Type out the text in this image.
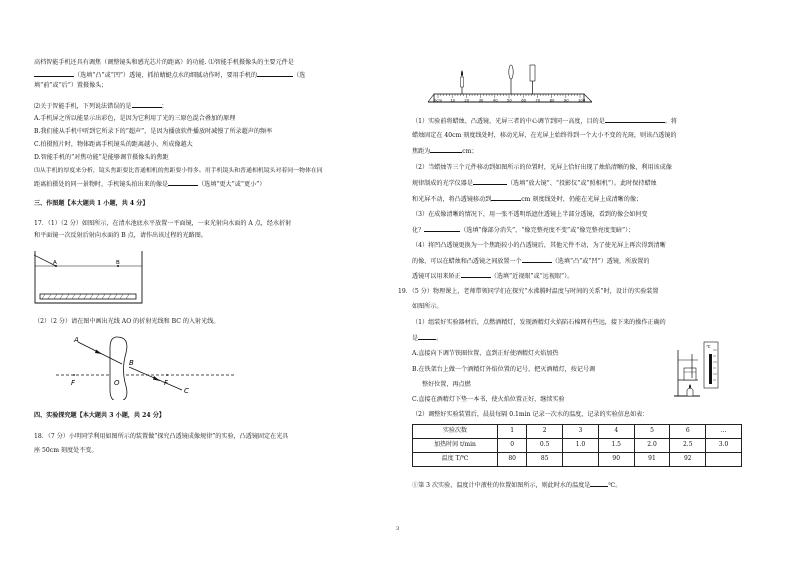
高档智能手机还具有调焦（调整镜头和感光芯片的距离）的功能. ⑴智能手机摄像头的主要元件是
（选填“凸”或“凹”）透镜，抓拍蜻蜓点水的细腻动作时，要用手机的	（选
填“前”或“后”）置摄像头；
⑵关于智能手机，下列说法错误的是	；
A.手机屏之所以能显示出彩色，是因为它利用了光的三原色混合叠加的原理
B.我们能从手机中听到它所录下的“超声”，是因为播放软件播放时减慢了所录超声的频率
C.拍摄照片时，物体距离手机镜头的距离越小，所成像越大
D.智能手机的“对焦功能”是能够调节摄像头的焦距
⑶从手机的厚度来分析，镜头焦距要比普通相机的焦距要小得多。用手机镜头和普通相机镜头对着同一物体在同
距离拍摄处的同一景物时，手机镜头拍出来的像是	（选填“更大”或“更小”）
三、作图题【本大题共 1 小题，共 4 分】
17．（1）（2 分）如图所示，在清水池底水平放置一平面镜，一束光射向水面的 A 点，经水折射
和平面镜一次反射后射向水面的 B 点，请作出该过程的光路图。
A	B
（2）（2 分）请在图中画出光线 AO 的折射光线和 BC 的入射光线。
A
B
O
F	F
C
四、实验探究题【本大题共 3 小题，共 24 分】
18．（7 分）小明同学利用如图所示的装置做“探究凸透镜成像规律”的实验，凸透镜固定在光具
座 50cm 刻度处不变。
0cm 10 20 30 40 50 60 70 80 90 100
（1）实验前将蜡烛、凸透镜、光屏三者的中心调节到同一高度，目的是	。将
蜡烛固定在 40cm 刻度线处时，移动光屏，在光屏上始终得到一个大小不变的光斑，则该凸透镜的
焦距为	cm；
（2）当蜡烛等三个元件移动到如图所示的位置时，光屏上恰好出现了烛焰清晰的像，利用该成像
规律制成的光学仪器是	（选填“放大镜”、“投影仪”或“照相机”）。此时保持蜡烛
和光屏不动，将凸透镜移动到	cm 刻度线处时，仍能在光屏上成清晰的像；
（3）在成像清晰的情况下，用一张不透明纸遮住透镜上半部分透镜，看到的像会如何变
化？	（选填“像部分消失”、“像完整亮度不变”或“像完整亮度变暗”）；
（4）将凹凸透镜更换为一个焦距较小的凸透镜后，其他元件不动，为了使光屏上再次得到清晰
的像，可以在蜡烛和凸透镜之间放置一个	（选填“凸”或“凹”）透镜，所放置的
透镜可以用来矫正	（选填“近视眼”或“远视眼”）。
19．（5 分）物理课上，老师带领同学们在探究“水沸腾时温度与时间的关系”时，设计的实验装置
如图所示。
（1）组装好实验器材后，点燃酒精灯，发现酒精灯火焰陷石棉网有些远，接下来的操作正确的
是	。
A.直接向下调节铁圈位置，直到正好使酒精灯火焰加热
B.在铁架台上做一个酒精灯外焰位置的记号，把灭酒精灯，按记号调
整好位置，再点燃
C.直接在酒精灯下垫一本书，使火焰位置正好，继续实验
℃
（2）调整好实验装置后，晨晨每隔 0.1min 记录一次水的温度，记录的实验信息如表：
实验次数	1	2	3	4	5	6	…
加热时间 t/min	0	0.5	1.0	1.5	2.0	2.5	3.0
温度 T/℃	80	85		90	91	92	
①第 3 次实验，温度计中液柱的位置如图所示，则此时水的温度是	℃。
3
